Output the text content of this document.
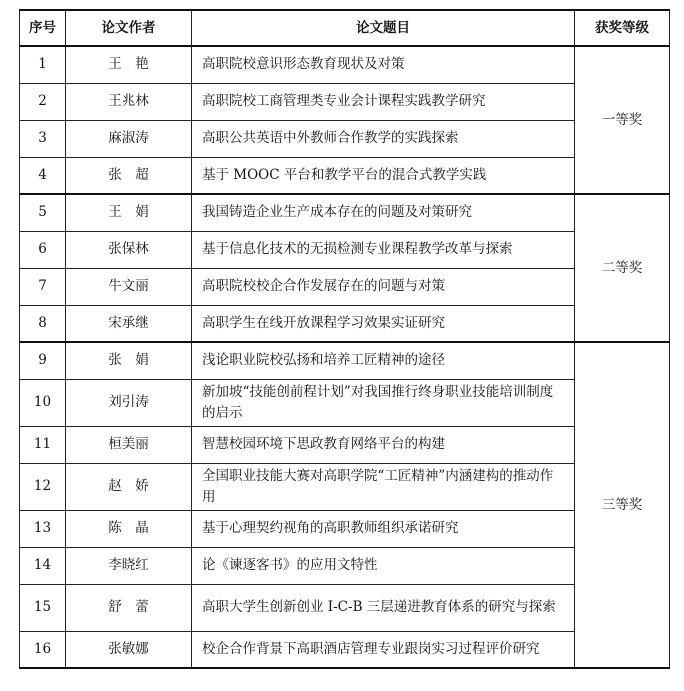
序号	论文作者	论文题目	获奖等级
1	王　艳	高职院校意识形态教育现状及对策	一等奖
2	王兆林	高职院校工商管理类专业会计课程实践教学研究	
3	麻淑涛	高职公共英语中外教师合作教学的实践探索	
4	张　超	基于 MOOC 平台和教学平台的混合式教学实践	
5	王　娟	我国铸造企业生产成本存在的问题及对策研究	二等奖
6	张保林	基于信息化技术的无损检测专业课程教学改革与探索	
7	牛文丽	高职院校校企合作发展存在的问题与对策	
8	宋承继	高职学生在线开放课程学习效果实证研究	
9	张　娟	浅论职业院校弘扬和培养工匠精神的途径	三等奖
10	刘引涛	新加坡“技能创前程计划”对我国推行终身职业技能培训制度的启示	
11	桓美丽	智慧校园环境下思政教育网络平台的构建	
12	赵　娇	全国职业技能大赛对高职学院“工匠精神”内涵建构的推动作用	
13	陈　晶	基于心理契约视角的高职教师组织承诺研究	
14	李晓红	论《谏逐客书》的应用文特性	
15	舒　蕾	高职大学生创新创业 I-C-B 三层递进教育体系的研究与探索	
16	张敏娜	校企合作背景下高职酒店管理专业跟岗实习过程评价研究	
